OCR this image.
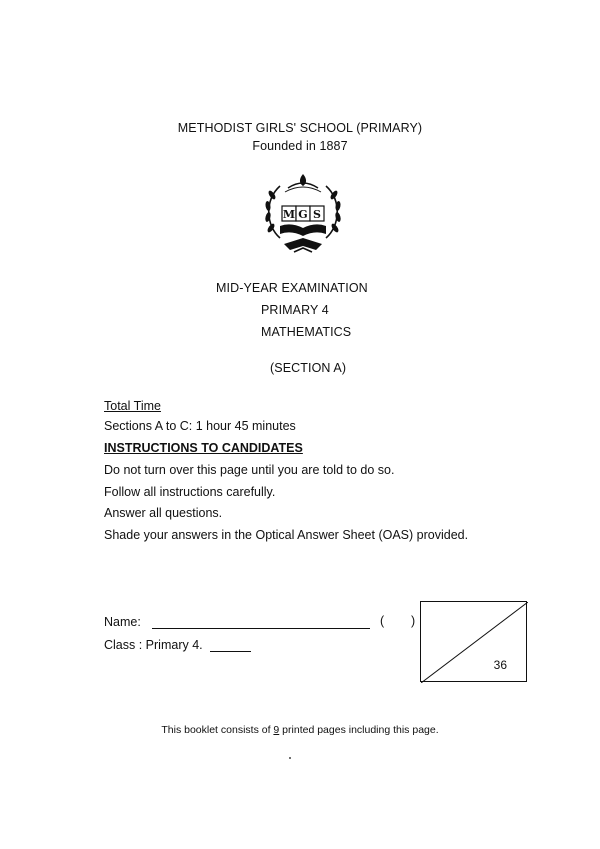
METHODIST GIRLS' SCHOOL (PRIMARY)
Founded in 1887
M G S
MID-YEAR EXAMINATION
PRIMARY 4
MATHEMATICS
(SECTION A)
Total Time
Sections A to C: 1 hour 45 minutes
INSTRUCTIONS TO CANDIDATES
Do not turn over this page until you are told to do so.
Follow all instructions carefully.
Answer all questions.
Shade your answers in the Optical Answer Sheet (OAS) provided.
Name:	( )
Class : Primary 4.
36
This booklet consists of 9 printed pages including this page.
